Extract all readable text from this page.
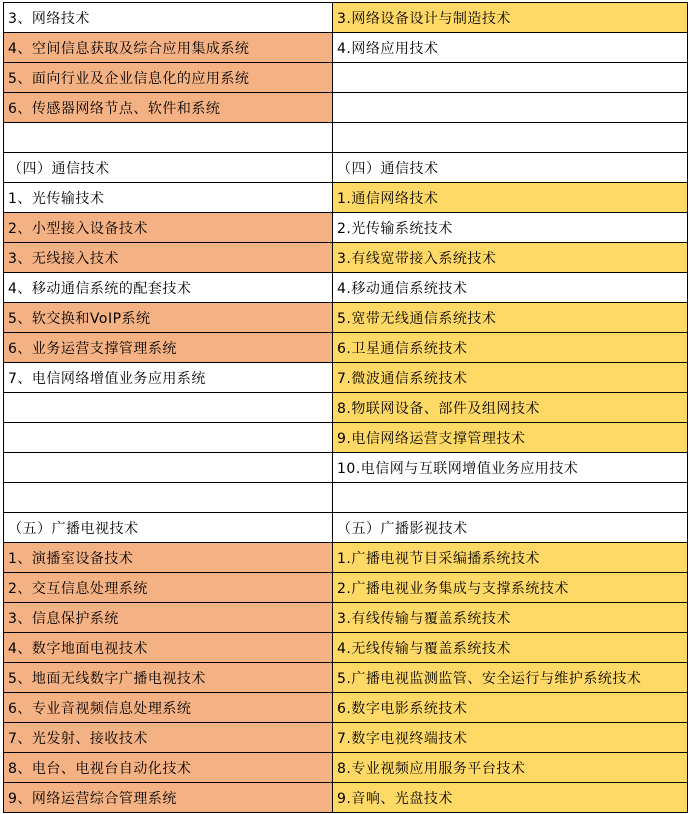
3、网络技术	3.网络设备设计与制造技术
4、空间信息获取及综合应用集成系统	4.网络应用技术
5、面向行业及企业信息化的应用系统	
6、传感器网络节点、软件和系统	

（四）通信技术	（四）通信技术
1、光传输技术	1.通信网络技术
2、小型接入设备技术	2.光传输系统技术
3、无线接入技术	3.有线宽带接入系统技术
4、移动通信系统的配套技术	4.移动通信系统技术
5、软交换和VoIP系统	5.宽带无线通信系统技术
6、业务运营支撑管理系统	6.卫星通信系统技术
7、电信网络增值业务应用系统	7.微波通信系统技术
	8.物联网设备、部件及组网技术
	9.电信网络运营支撑管理技术
	10.电信网与互联网增值业务应用技术

（五）广播电视技术	（五）广播影视技术
1、演播室设备技术	1.广播电视节目采编播系统技术
2、交互信息处理系统	2.广播电视业务集成与支撑系统技术
3、信息保护系统	3.有线传输与覆盖系统技术
4、数字地面电视技术	4.无线传输与覆盖系统技术
5、地面无线数字广播电视技术	5.广播电视监测监管、安全运行与维护系统技术
6、专业音视频信息处理系统	6.数字电影系统技术
7、光发射、接收技术	7.数字电视终端技术
8、电台、电视台自动化技术	8.专业视频应用服务平台技术
9、网络运营综合管理系统	9.音响、光盘技术
